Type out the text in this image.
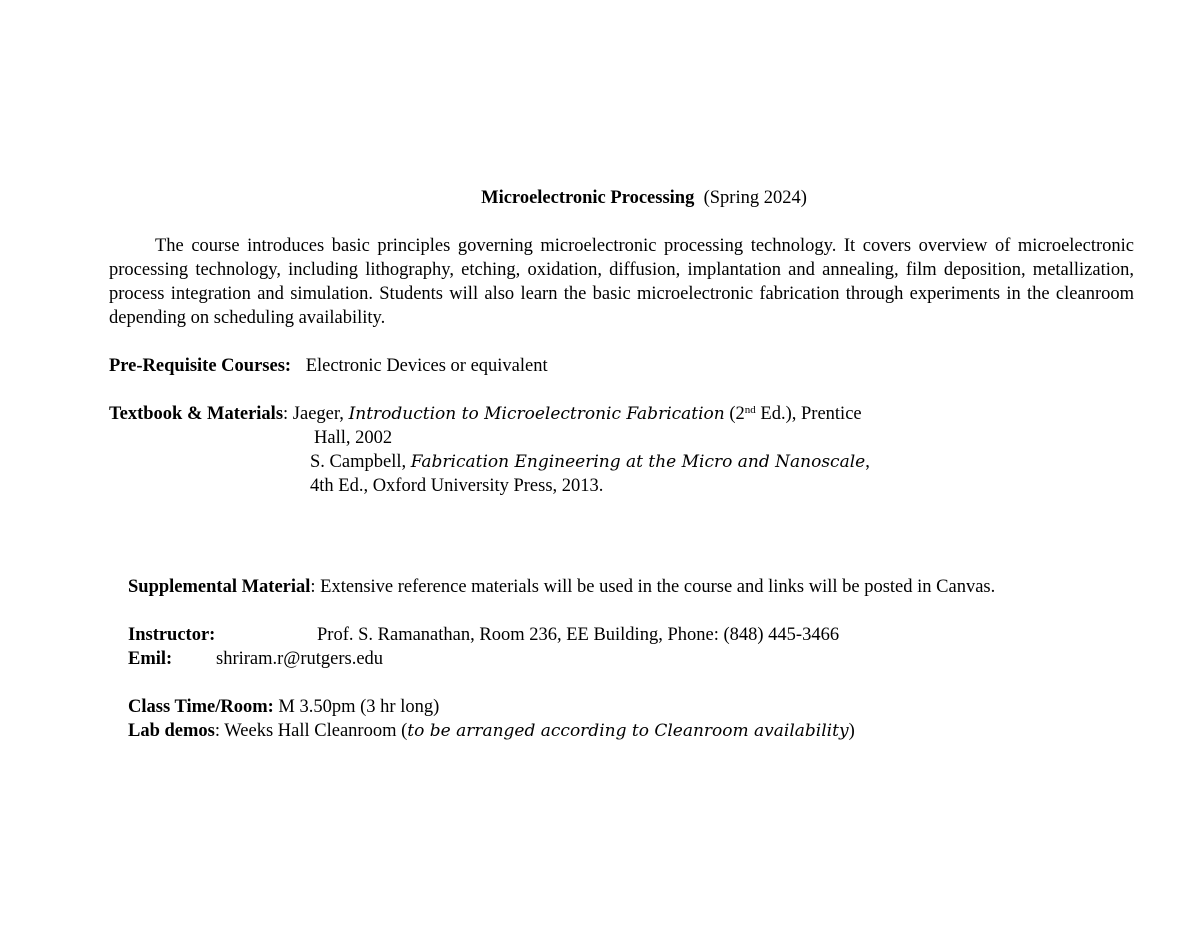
Microelectronic Processing (Spring 2024)

The course introduces basic principles governing microelectronic processing technology. It covers overview of microelectronic processing technology, including lithography, etching, oxidation, diffusion, implantation and annealing, film deposition, metallization, process integration and simulation. Students will also learn the basic microelectronic fabrication through experiments in the cleanroom depending on scheduling availability.

Pre-Requisite Courses: Electronic Devices or equivalent
Textbook & Materials: Jaeger, Introduction to Microelectronic Fabrication (2nd Ed.), Prentice
Hall, 2002
S. Campbell, Fabrication Engineering at the Micro and Nanoscale,
4th Ed., Oxford University Press, 2013.
Supplemental Material: Extensive reference materials will be used in the course and links will be posted in Canvas.
Instructor:	Prof. S. Ramanathan, Room 236, EE Building, Phone: (848) 445-3466
Emil: shriram.r@rutgers.edu
Class Time/Room: M 3.50pm (3 hr long)
Lab demos: Weeks Hall Cleanroom (to be arranged according to Cleanroom availability)
